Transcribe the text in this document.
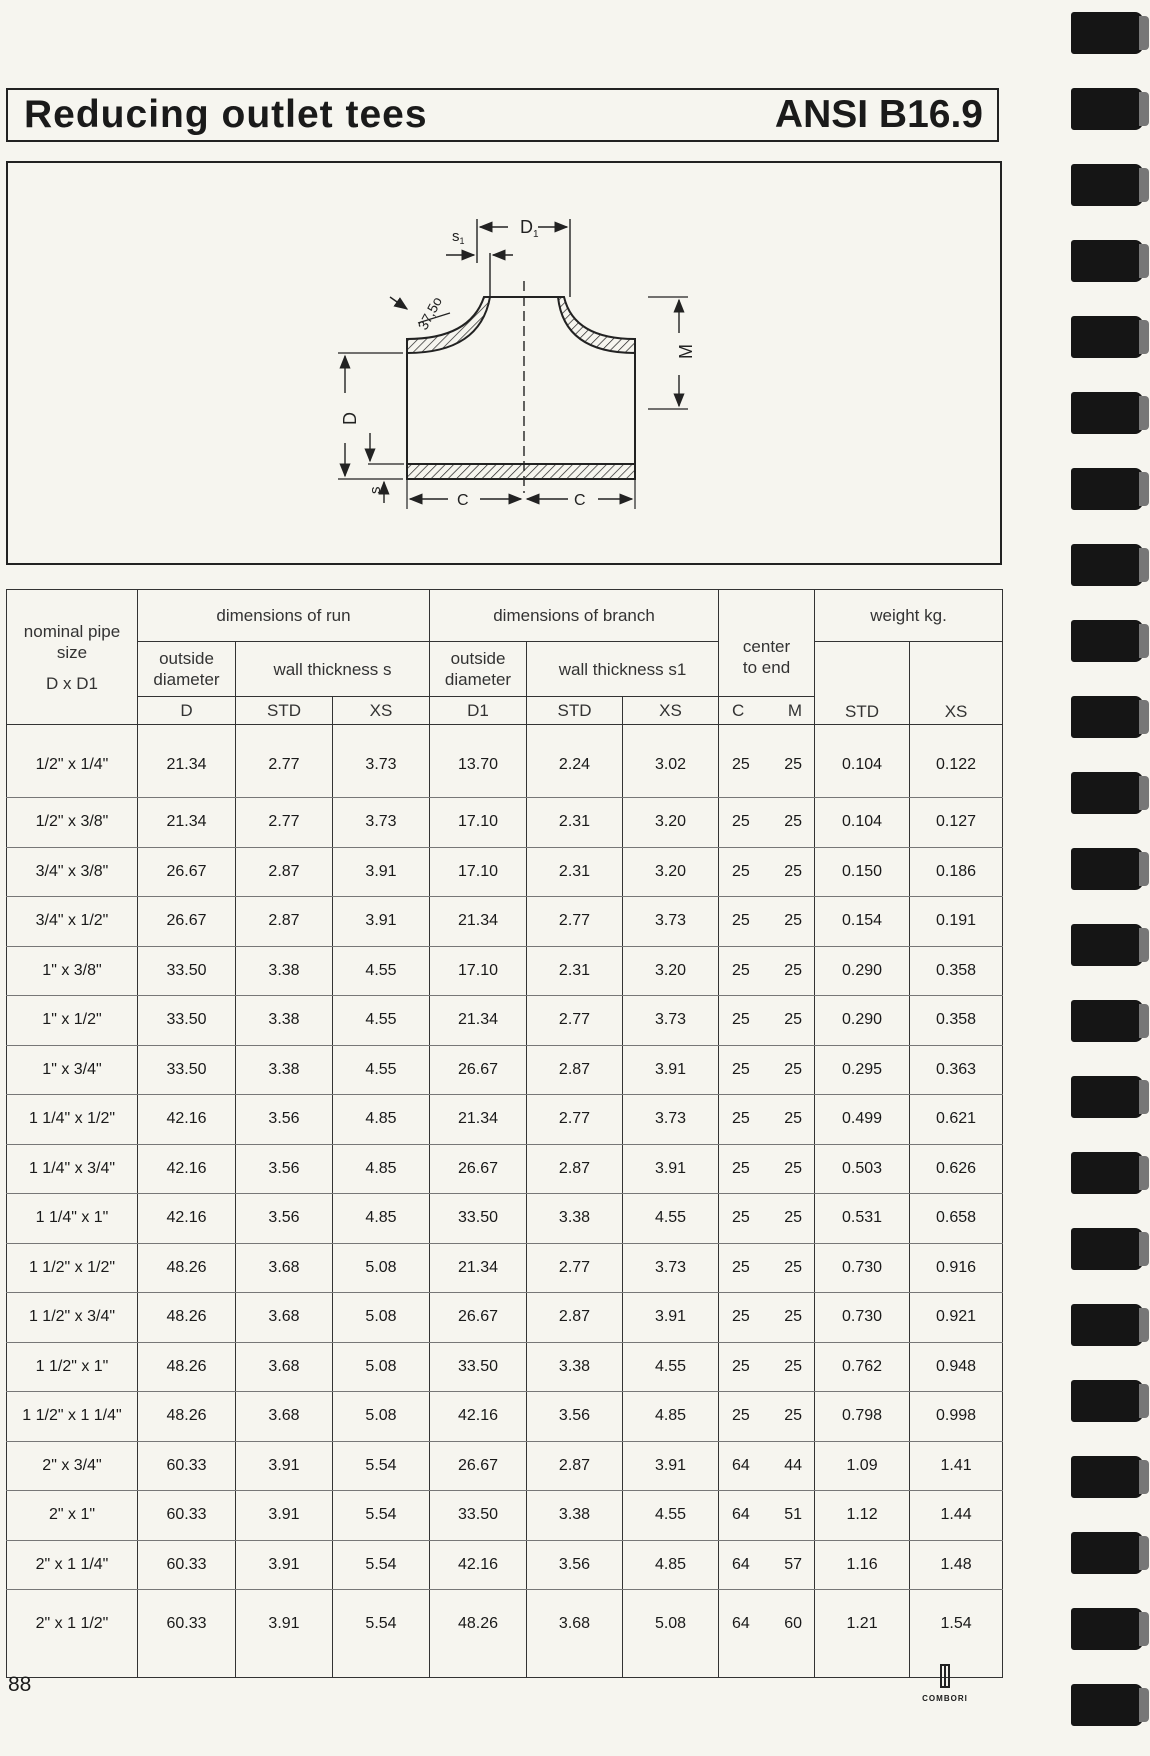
Reducing outlet tees	ANSI B16.9
$D_1$
$s_1$
37,5o
M
D
s
C	C
nominal pipe size
D x D1	dimensions of run			dimensions of branch			center to end	weight kg.	
	outside diameter	wall thickness s		outside diameter	wall thickness s1			STD	XS
	D	STD	XS	D1	STD	XS	C M		

1/2" x 1/4"	21.34	2.77	3.73	13.70	2.24	3.02	25 25	0.104	0.122
1/2" x 3/8"	21.34	2.77	3.73	17.10	2.31	3.20	25 25	0.104	0.127
3/4" x 3/8"	26.67	2.87	3.91	17.10	2.31	3.20	25 25	0.150	0.186
3/4" x 1/2"	26.67	2.87	3.91	21.34	2.77	3.73	25 25	0.154	0.191
1" x 3/8"	33.50	3.38	4.55	17.10	2.31	3.20	25 25	0.290	0.358
1" x 1/2"	33.50	3.38	4.55	21.34	2.77	3.73	25 25	0.290	0.358
1" x 3/4"	33.50	3.38	4.55	26.67	2.87	3.91	25 25	0.295	0.363
1 1/4" x 1/2"	42.16	3.56	4.85	21.34	2.77	3.73	25 25	0.499	0.621
1 1/4" x 3/4"	42.16	3.56	4.85	26.67	2.87	3.91	25 25	0.503	0.626
1 1/4" x 1"	42.16	3.56	4.85	33.50	3.38	4.55	25 25	0.531	0.658
1 1/2" x 1/2"	48.26	3.68	5.08	21.34	2.77	3.73	25 25	0.730	0.916
1 1/2" x 3/4"	48.26	3.68	5.08	26.67	2.87	3.91	25 25	0.730	0.921
1 1/2" x 1"	48.26	3.68	5.08	33.50	3.38	4.55	25 25	0.762	0.948
1 1/2" x 1 1/4"	48.26	3.68	5.08	42.16	3.56	4.85	25 25	0.798	0.998
2" x 3/4"	60.33	3.91	5.54	26.67	2.87	3.91	64 44	1.09	1.41
2" x 1"	60.33	3.91	5.54	33.50	3.38	4.55	64 51	1.12	1.44
2" x 1 1/4"	60.33	3.91	5.54	42.16	3.56	4.85	64 57	1.16	1.48
2" x 1 1/2"	60.33	3.91	5.54	48.26	3.68	5.08	64 60	1.21	1.54
88
COMBORI
